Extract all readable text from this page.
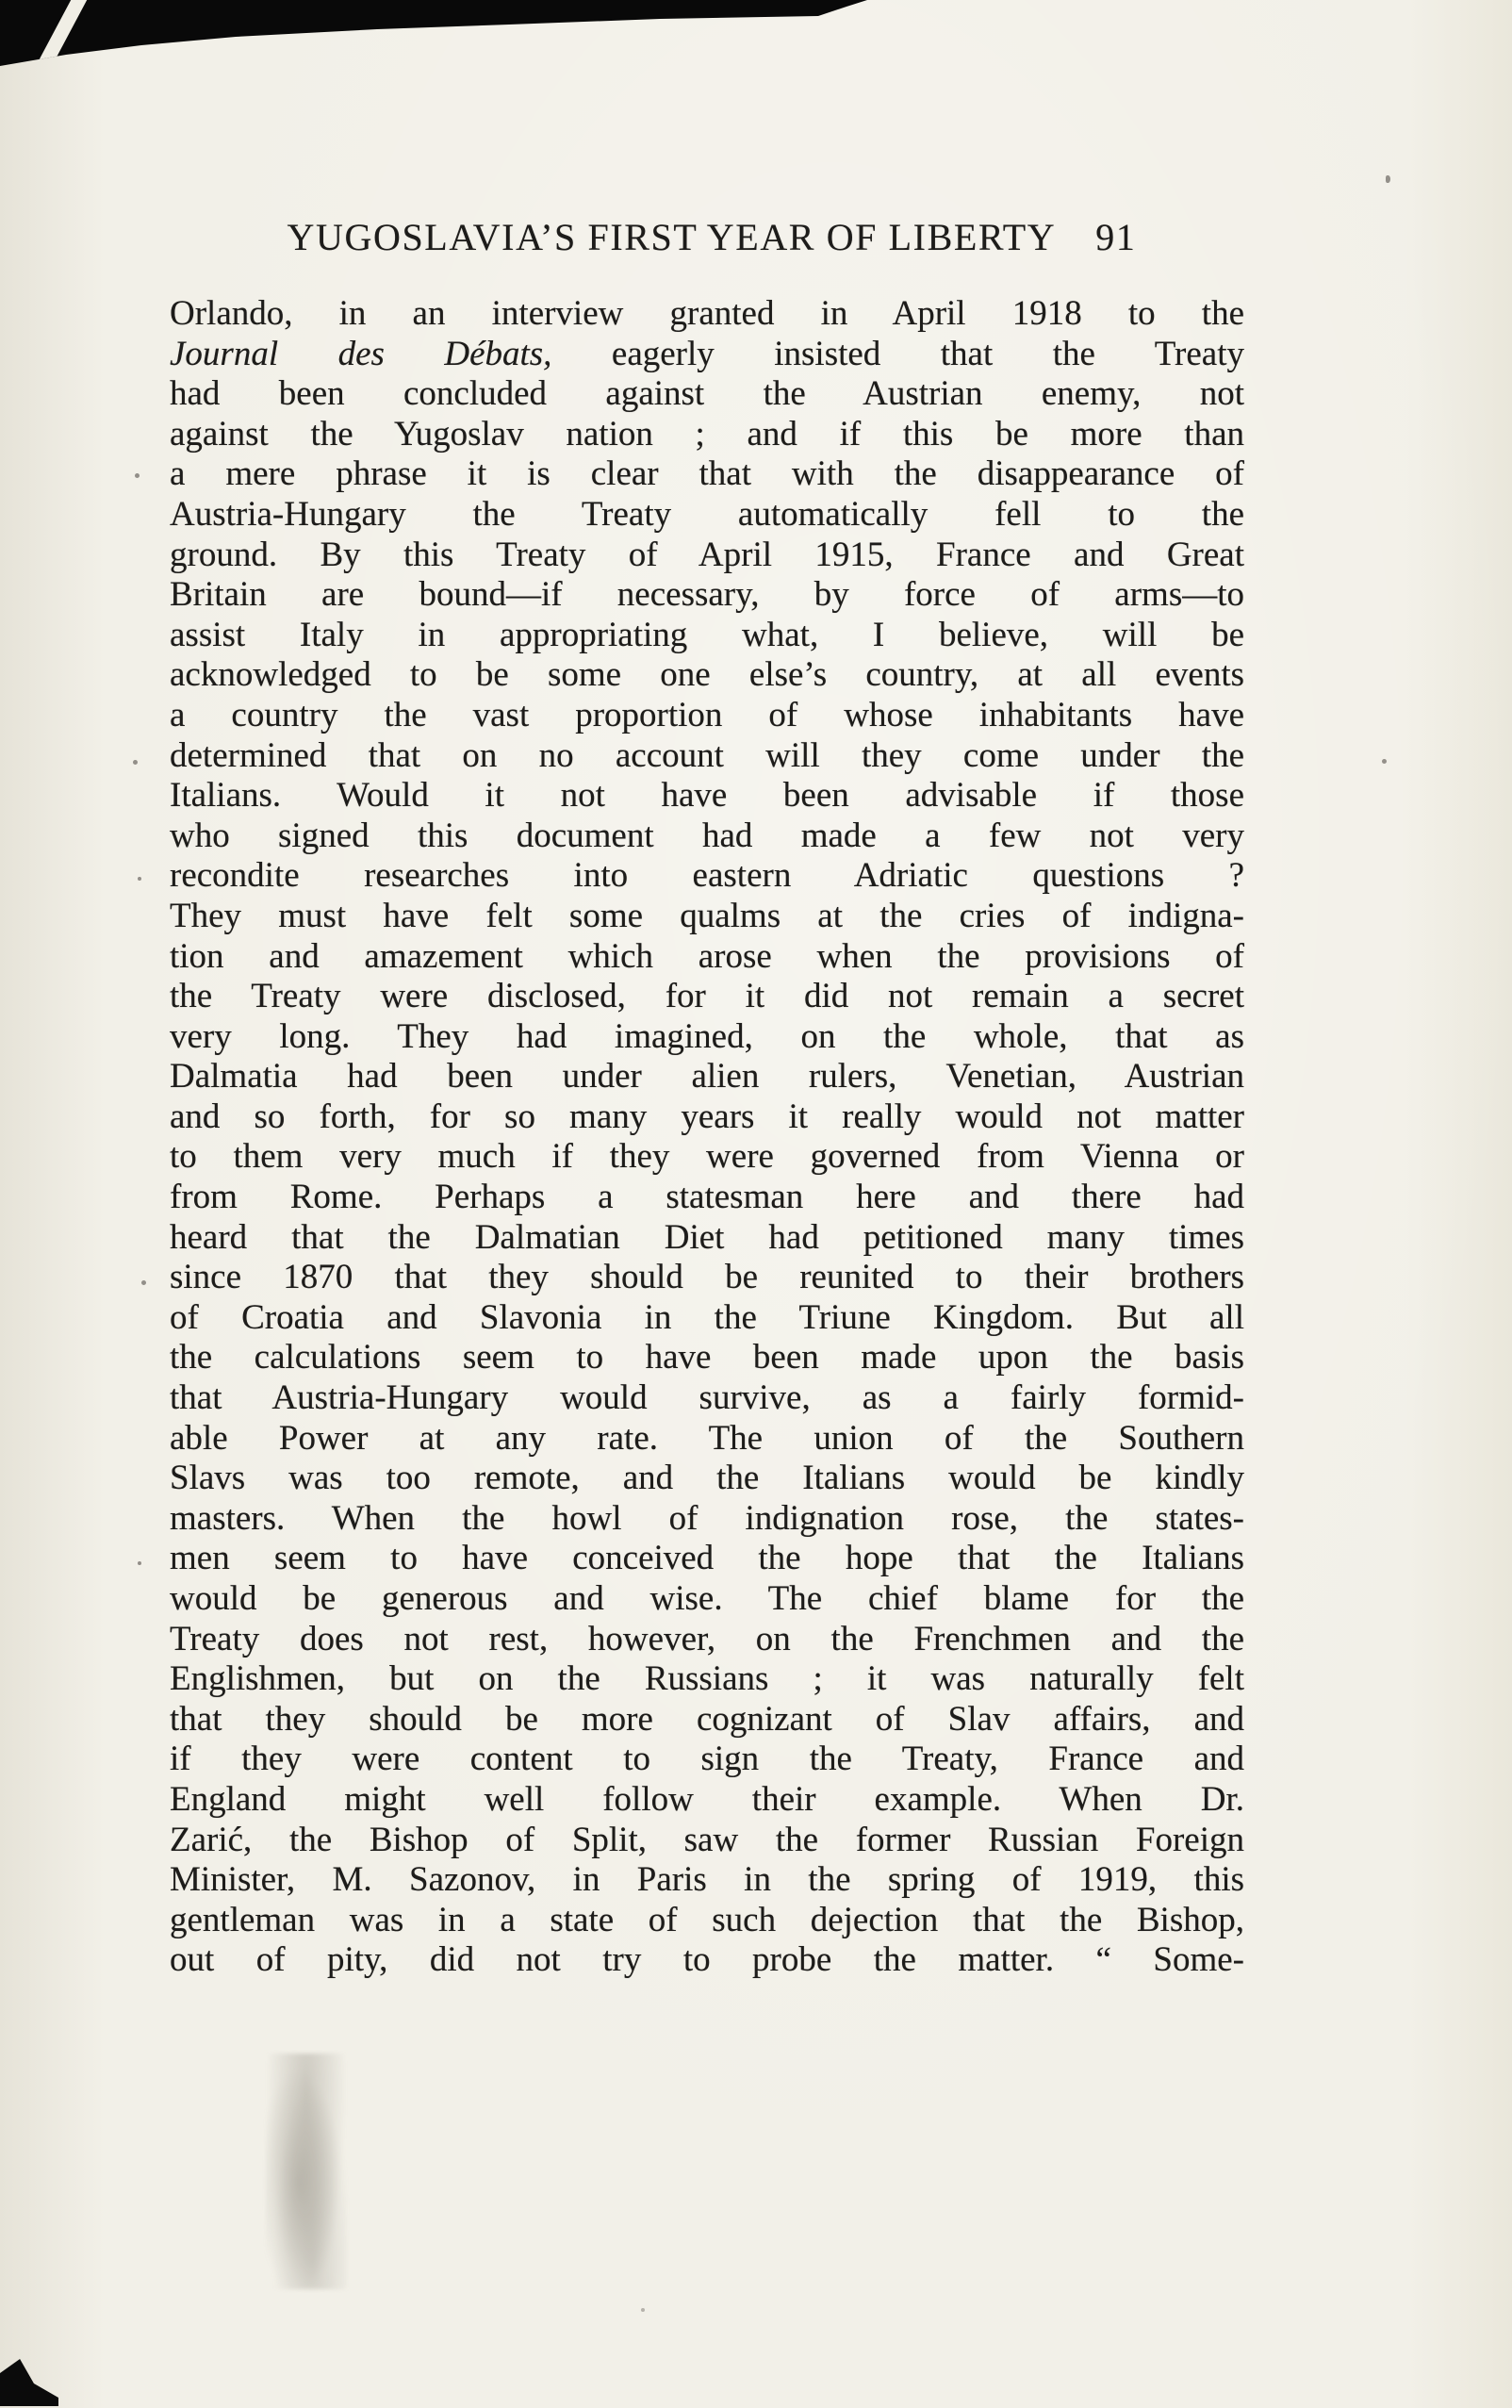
YUGOSLAVIA’S FIRST YEAR OF LIBERTY 91
Orlando, in an interview granted in April 1918 to the
Journal des Débats, eagerly insisted that the Treaty
had been concluded against the Austrian enemy, not
against the Yugoslav nation ; and if this be more than
a mere phrase it is clear that with the disappearance of
Austria-Hungary the Treaty automatically fell to the
ground. By this Treaty of April 1915, France and Great
Britain are bound—if necessary, by force of arms—to
assist Italy in appropriating what, I believe, will be
acknowledged to be some one else’s country, at all events
a country the vast proportion of whose inhabitants have
determined that on no account will they come under the
Italians. Would it not have been advisable if those
who signed this document had made a few not very
recondite researches into eastern Adriatic questions ?
They must have felt some qualms at the cries of indigna-
tion and amazement which arose when the provisions of
the Treaty were disclosed, for it did not remain a secret
very long. They had imagined, on the whole, that as
Dalmatia had been under alien rulers, Venetian, Austrian
and so forth, for so many years it really would not matter
to them very much if they were governed from Vienna or
from Rome. Perhaps a statesman here and there had
heard that the Dalmatian Diet had petitioned many times
since 1870 that they should be reunited to their brothers
of Croatia and Slavonia in the Triune Kingdom. But all
the calculations seem to have been made upon the basis
that Austria-Hungary would survive, as a fairly formid-
able Power at any rate. The union of the Southern
Slavs was too remote, and the Italians would be kindly
masters. When the howl of indignation rose, the states-
men seem to have conceived the hope that the Italians
would be generous and wise. The chief blame for the
Treaty does not rest, however, on the Frenchmen and the
Englishmen, but on the Russians ; it was naturally felt
that they should be more cognizant of Slav affairs, and
if they were content to sign the Treaty, France and
England might well follow their example. When Dr.
Zarić, the Bishop of Split, saw the former Russian Foreign
Minister, M. Sazonov, in Paris in the spring of 1919, this
gentleman was in a state of such dejection that the Bishop,
out of pity, did not try to probe the matter. “ Some-
